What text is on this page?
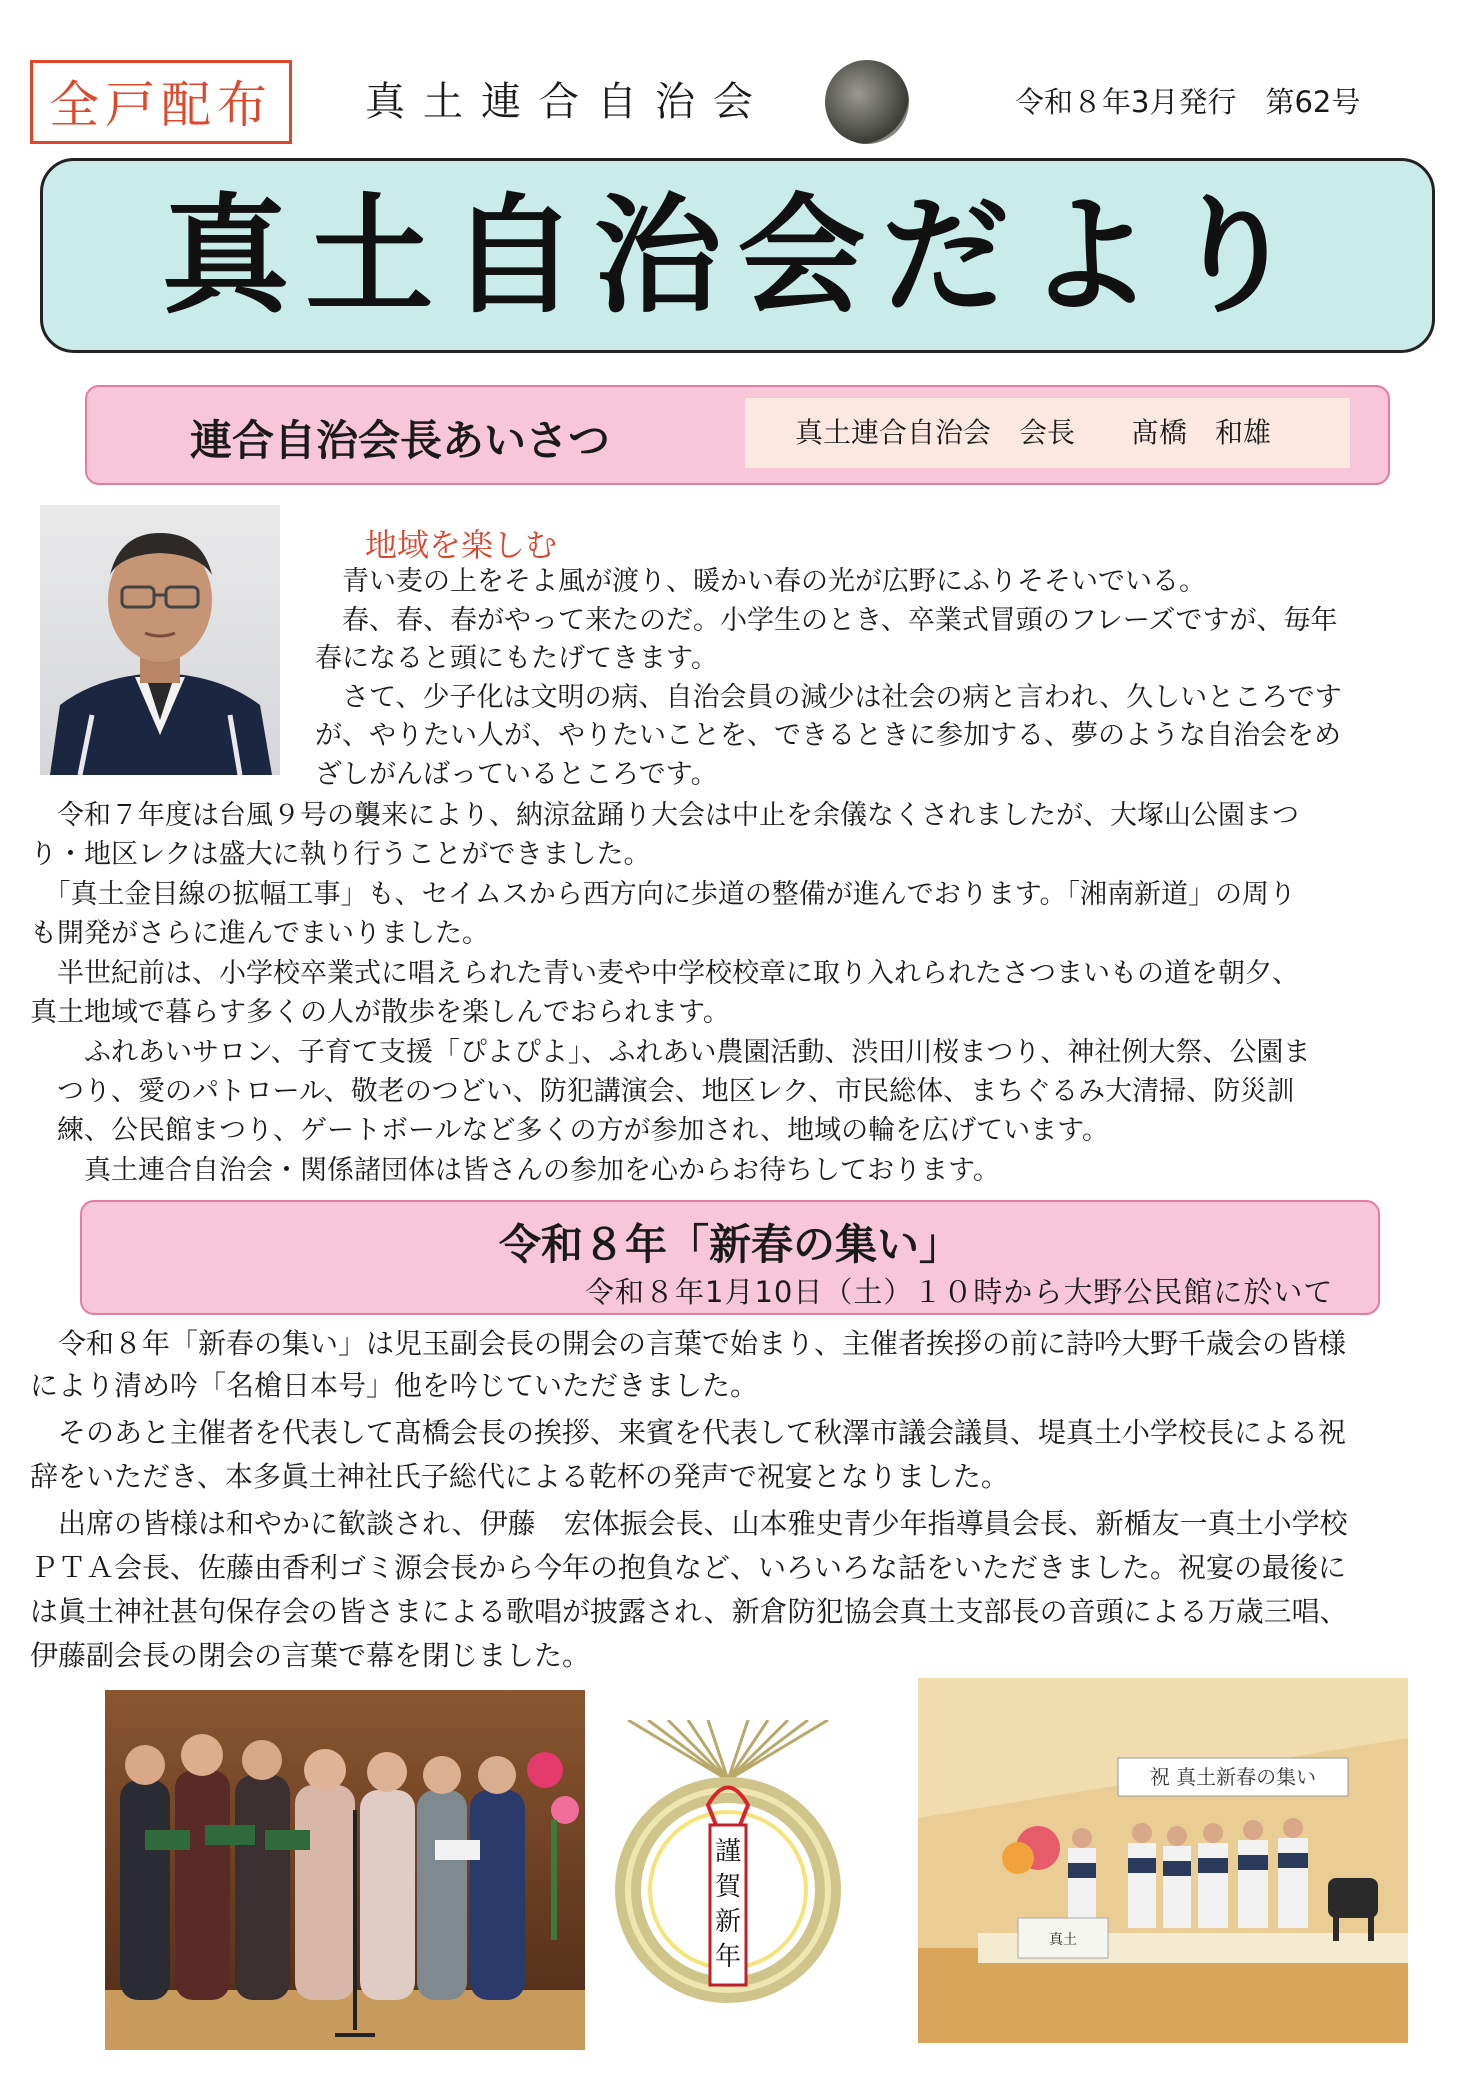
全戸配布	真土連合自治会	令和８年3月発行　第62号
真土自治会だより
連合自治会長あいさつ	真土連合自治会　会長　　髙橋　和雄
地域を楽しむ
　青い麦の上をそよ風が渡り、暖かい春の光が広野にふりそそいでいる。
　春、春、春がやって来たのだ。小学生のとき、卒業式冒頭のフレーズですが、毎年
春になると頭にもたげてきます。
　さて、少子化は文明の病、自治会員の減少は社会の病と言われ、久しいところです
が、やりたい人が、やりたいことを、できるときに参加する、夢のような自治会をめ
ざしがんばっているところです。
　令和７年度は台風９号の襲来により、納涼盆踊り大会は中止を余儀なくされましたが、大塚山公園まつ
り・地区レクは盛大に執り行うことができました。
　「真土金目線の拡幅工事」も、セイムスから西方向に歩道の整備が進んでおります。「湘南新道」の周り
も開発がさらに進んでまいりました。
　半世紀前は、小学校卒業式に唱えられた青い麦や中学校校章に取り入れられたさつまいもの道を朝夕、
真土地域で暮らす多くの人が散歩を楽しんでおられます。
　　ふれあいサロン、子育て支援「ぴよぴよ」、ふれあい農園活動、渋田川桜まつり、神社例大祭、公園ま
　つり、愛のパトロール、敬老のつどい、防犯講演会、地区レク、市民総体、まちぐるみ大清掃、防災訓
　練、公民館まつり、ゲートボールなど多くの方が参加され、地域の輪を広げています。
　　真土連合自治会・関係諸団体は皆さんの参加を心からお待ちしております。
令和８年「新春の集い」
令和８年1月10日（土）１０時から大野公民館に於いて
　令和８年「新春の集い」は児玉副会長の開会の言葉で始まり、主催者挨拶の前に詩吟大野千歳会の皆様
により清め吟「名槍日本号」他を吟じていただきました。
　そのあと主催者を代表して髙橋会長の挨拶、来賓を代表して秋澤市議会議員、堤真土小学校長による祝
辞をいただき、本多眞土神社氏子総代による乾杯の発声で祝宴となりました。
　出席の皆様は和やかに歓談され、伊藤　宏体振会長、山本雅史青少年指導員会長、新楯友一真土小学校
ＰＴＡ会長、佐藤由香利ゴミ源会長から今年の抱負など、いろいろな話をいただきました。祝宴の最後に
は眞土神社甚句保存会の皆さまによる歌唱が披露され、新倉防犯協会真土支部長の音頭による万歳三唱、
伊藤副会長の閉会の言葉で幕を閉じました。
謹
賀
新
年
祝 真土新春の集い
真土
